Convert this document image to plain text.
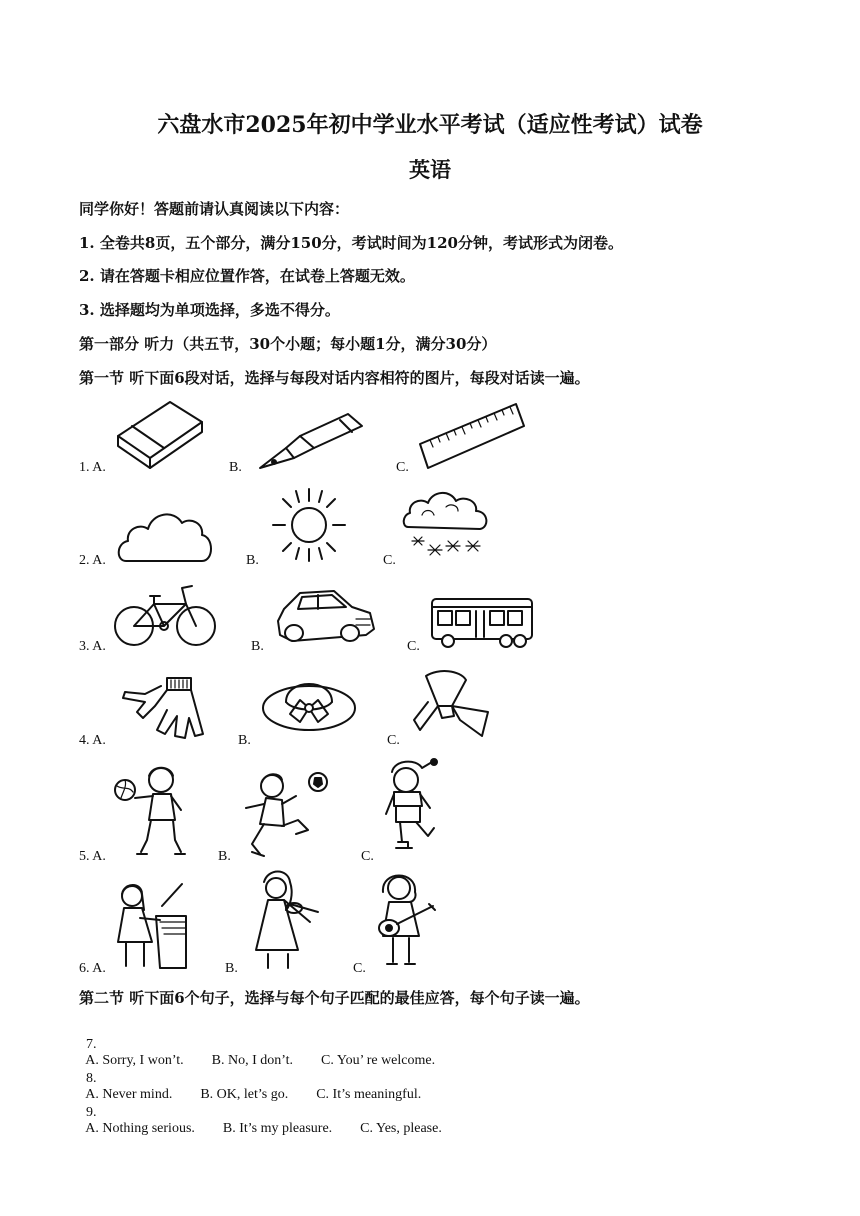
六盘水市2025年初中学业水平考试（适应性考试）试卷
英语
同学你好！答题前请认真阅读以下内容：
1. 全卷共8页，五个部分，满分150分，考试时间为120分钟，考试形式为闭卷。
2. 请在答题卡相应位置作答，在试卷上答题无效。
3. 选择题均为单项选择，多选不得分。
第一部分 听力（共五节，30个小题；每小题1分，满分30分）
第一节 听下面6段对话，选择与每段对话内容相符的图片，每段对话读一遍。
1. A.	B.	C.
2. A.	B.	C.
3. A.	B.	C.
4. A.	B.	C.
5. A.	B.	C.
6. A.	B.	C.
第二节 听下面6个句子，选择与每个句子匹配的最佳应答，每个句子读一遍。

7.
A. Sorry, I won’t. B. No, I don’t. C. You’ re welcome.

8.
A. Never mind. B. OK, let’s go. C. It’s meaningful.

9.
A. Nothing serious. B. It’s my pleasure. C. Yes, please.
